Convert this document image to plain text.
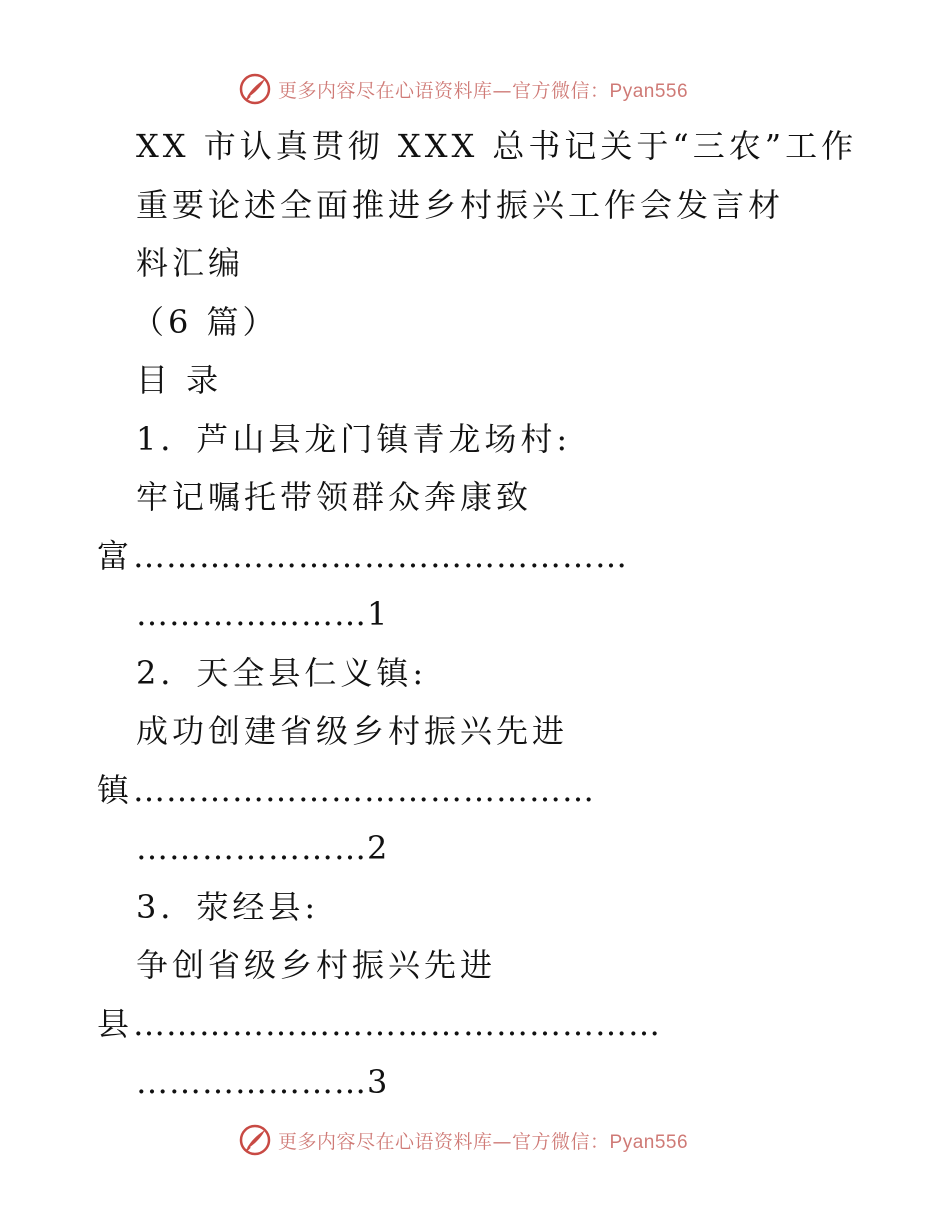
更多内容尽在心语资料库—官方微信：Pyan556
XX 市认真贯彻 XXX 总书记关于“三农”工作
重要论述全面推进乡村振兴工作会发言材
料汇编
（6 篇）
目 录
1．芦山县龙门镇青龙场村:
牢记嘱托带领群众奔康致
富………………………………………
…………………1
2．天全县仁义镇:
成功创建省级乡村振兴先进
镇……………………………………
…………………2
3．荥经县:
争创省级乡村振兴先进
县…………………………………………
…………………3
更多内容尽在心语资料库—官方微信：Pyan556
